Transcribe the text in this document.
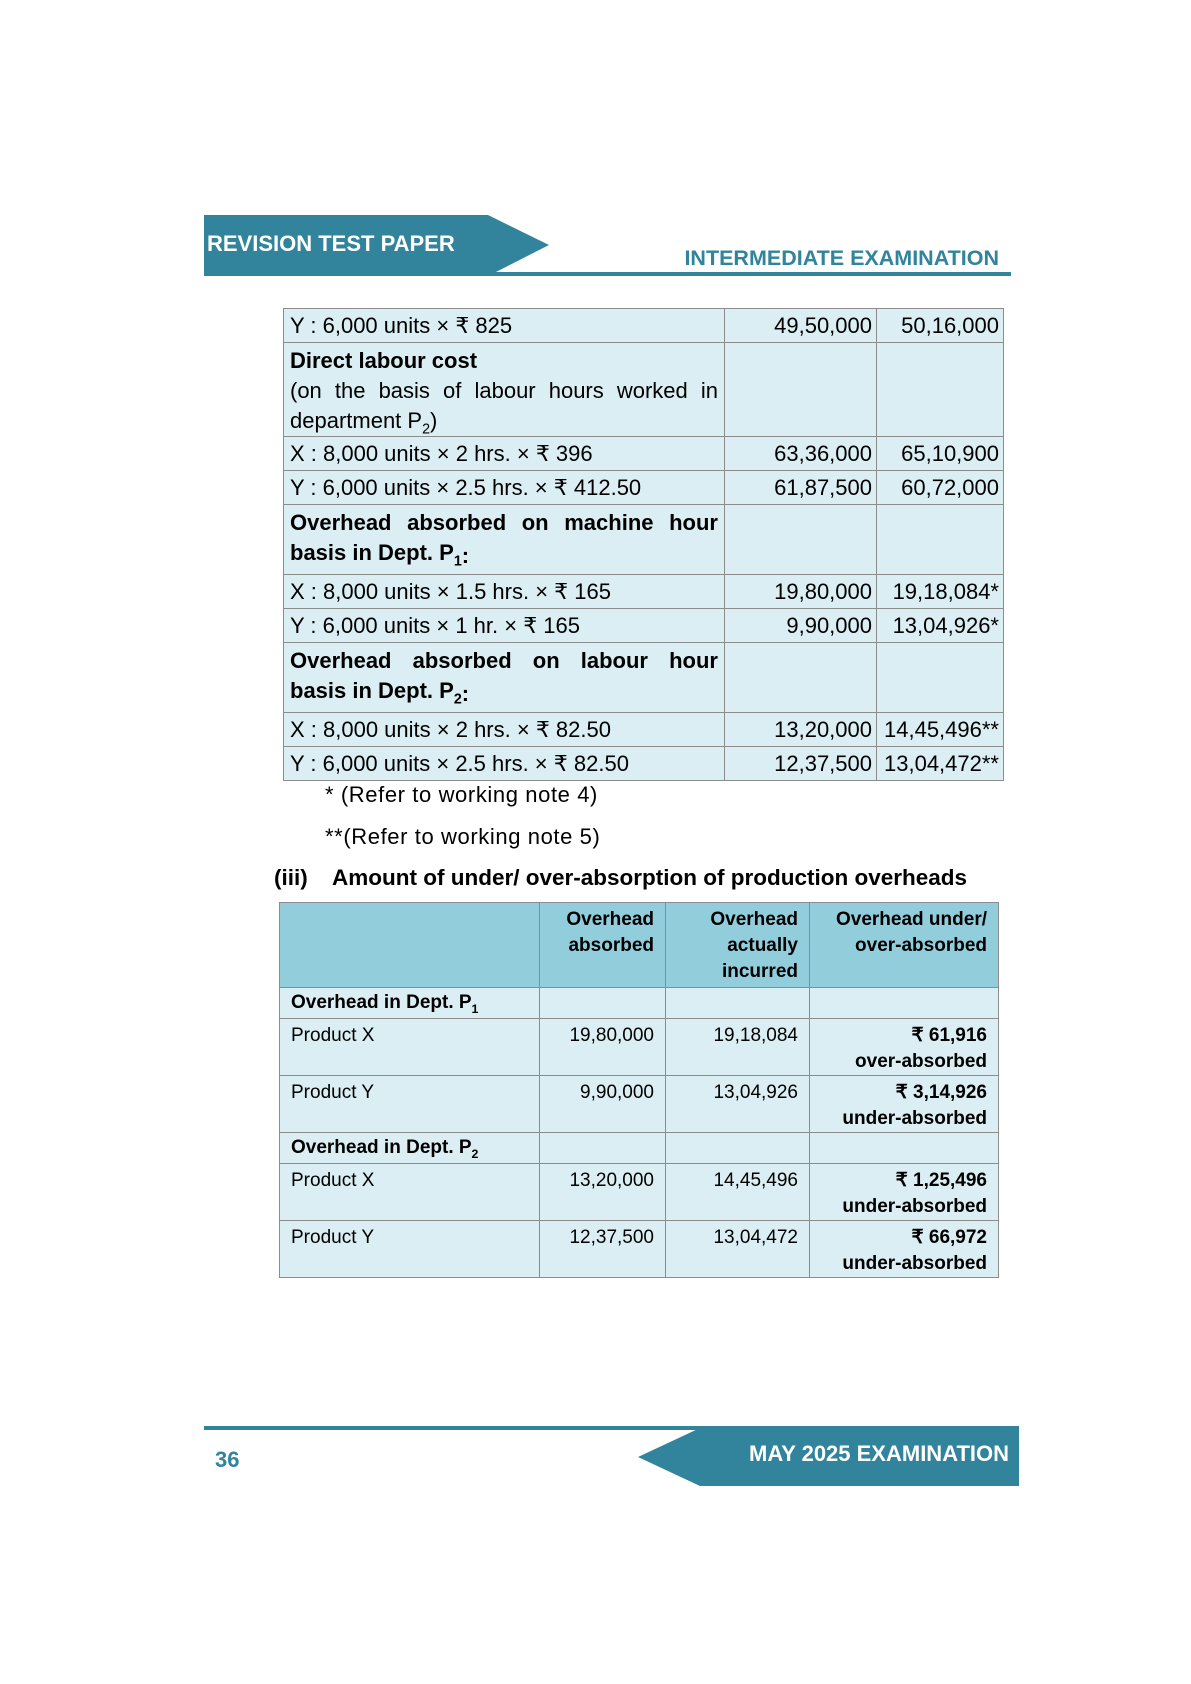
REVISION TEST PAPER
INTERMEDIATE EXAMINATION
Y : 6,000 units × ₹ 825	49,50,000	50,16,000

Direct labour cost
(on the basis of labour hours worked in
department $P_2$)		

X : 8,000 units × 2 hrs. × ₹ 396	63,36,000	65,10,900
Y : 6,000 units × 2.5 hrs. × ₹ 412.50	61,87,500	60,72,000

Overhead absorbed on machine hour
basis in Dept. $P_1$:		

X : 8,000 units × 1.5 hrs. × ₹ 165	19,80,000	19,18,084*
Y : 6,000 units × 1 hr. × ₹ 165	9,90,000	13,04,926*

Overhead absorbed on labour hour
basis in Dept. $P_2$:		

X : 8,000 units × 2 hrs. × ₹ 82.50	13,20,000	14,45,496**
Y : 6,000 units × 2.5 hrs. × ₹ 82.50	12,37,500	13,04,472**
* (Refer to working note 4)
**(Refer to working note 5)
(iii) Amount of under/ over-absorption of production overheads
	Overhead absorbed	Overhead actually incurred	Overhead under/ over-absorbed
Overhead in Dept. $P_1$			
Product X	19,80,000	19,18,084	₹ 61,916
over-absorbed

Product Y	9,90,000	13,04,926	₹ 3,14,926
under-absorbed

Overhead in Dept. $P_2$			
Product X	13,20,000	14,45,496	₹ 1,25,496
under-absorbed

Product Y	12,37,500	13,04,472	₹ 66,972
under-absorbed
36	MAY 2025 EXAMINATION
